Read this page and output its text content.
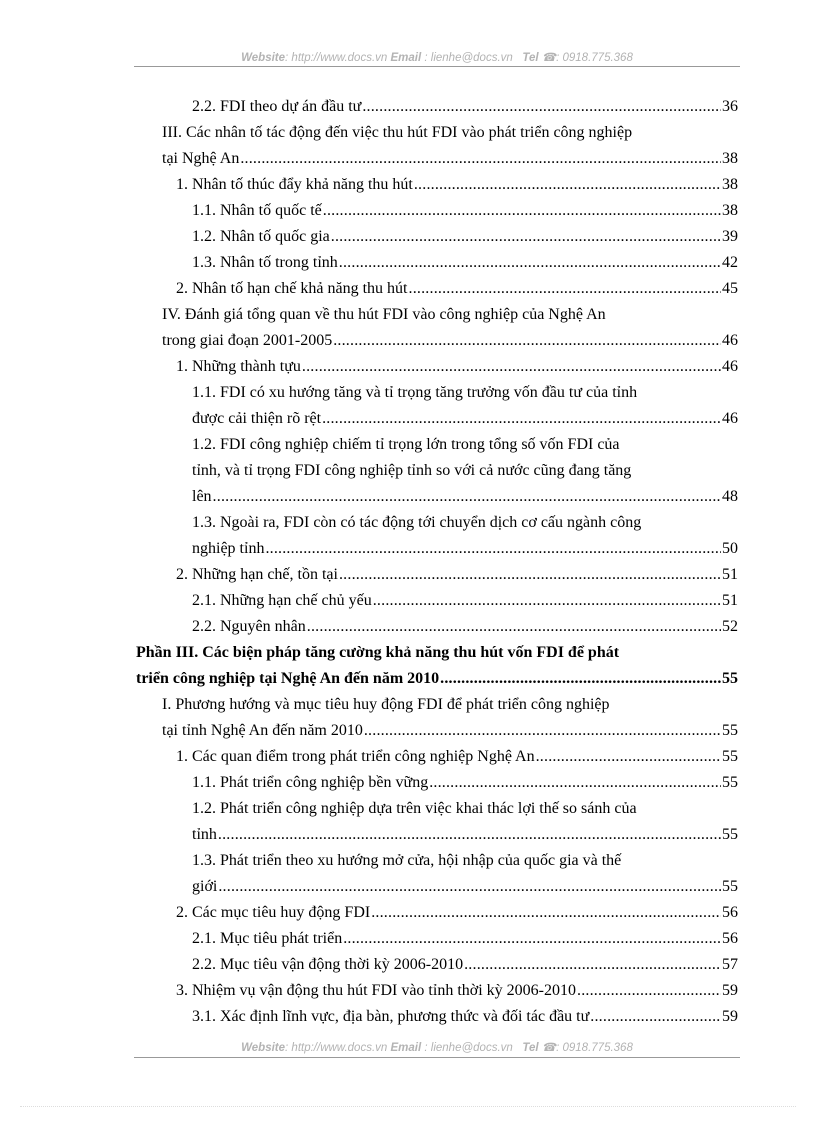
Website: http://www.docs.vn Email : lienhe@docs.vn Tel ☎: 0918.775.368
2.2. FDI theo dự án đầu tư .....	36
III. Các nhân tố tác động đến việc thu hút FDI vào phát triển công nghiệp
tại Nghệ An .....	38
1. Nhân tố thúc đẩy khả năng thu hút .....	38
1.1. Nhân tố quốc tế .....	38
1.2. Nhân tố quốc gia .....	39
1.3. Nhân tố trong tỉnh .....	42
2. Nhân tố hạn chế khả năng thu hút .....	45
IV. Đánh giá tổng quan về thu hút FDI vào công nghiệp của Nghệ An
trong giai đoạn 2001-2005 .....	46
1. Những thành tựu .....	46
1.1. FDI có xu hướng tăng và tỉ trọng tăng trưởng vốn đầu tư của tỉnh
được cải thiện rõ rệt .....	46
1.2. FDI công nghiệp chiếm tỉ trọng lớn trong tổng số vốn FDI của
tỉnh, và tỉ trọng FDI công nghiệp tỉnh so với cả nước cũng đang tăng
lên .....	48
1.3. Ngoài ra, FDI còn có tác động tới chuyển dịch cơ cấu ngành công
nghiệp tỉnh .....	50
2. Những hạn chế, tồn tại .....	51
2.1. Những hạn chế chủ yếu .....	51
2.2. Nguyên nhân .....	52
Phần III. Các biện pháp tăng cường khả năng thu hút vốn FDI để phát
triển công nghiệp tại Nghệ An đến năm 2010 .....	55
I. Phương hướng và mục tiêu huy động FDI để phát triển công nghiệp
tại tỉnh Nghệ An đến năm 2010 .....	55
1. Các quan điểm trong phát triển công nghiệp Nghệ An .....	55
1.1. Phát triển công nghiệp bền vững .....	55
1.2. Phát triển công nghiệp dựa trên việc khai thác lợi thế so sánh của
tỉnh .....	55
1.3. Phát triển theo xu hướng mở cửa, hội nhập của quốc gia và thế
giới .....	55
2. Các mục tiêu huy động FDI .....	56
2.1. Mục tiêu phát triển .....	56
2.2. Mục tiêu vận động thời kỳ 2006-2010 .....	57
3. Nhiệm vụ vận động thu hút FDI vào tỉnh thời kỳ 2006-2010 .....	59
3.1. Xác định lĩnh vực, địa bàn, phương thức và đối tác đầu tư .....	59
Website: http://www.docs.vn Email : lienhe@docs.vn Tel ☎: 0918.775.368
